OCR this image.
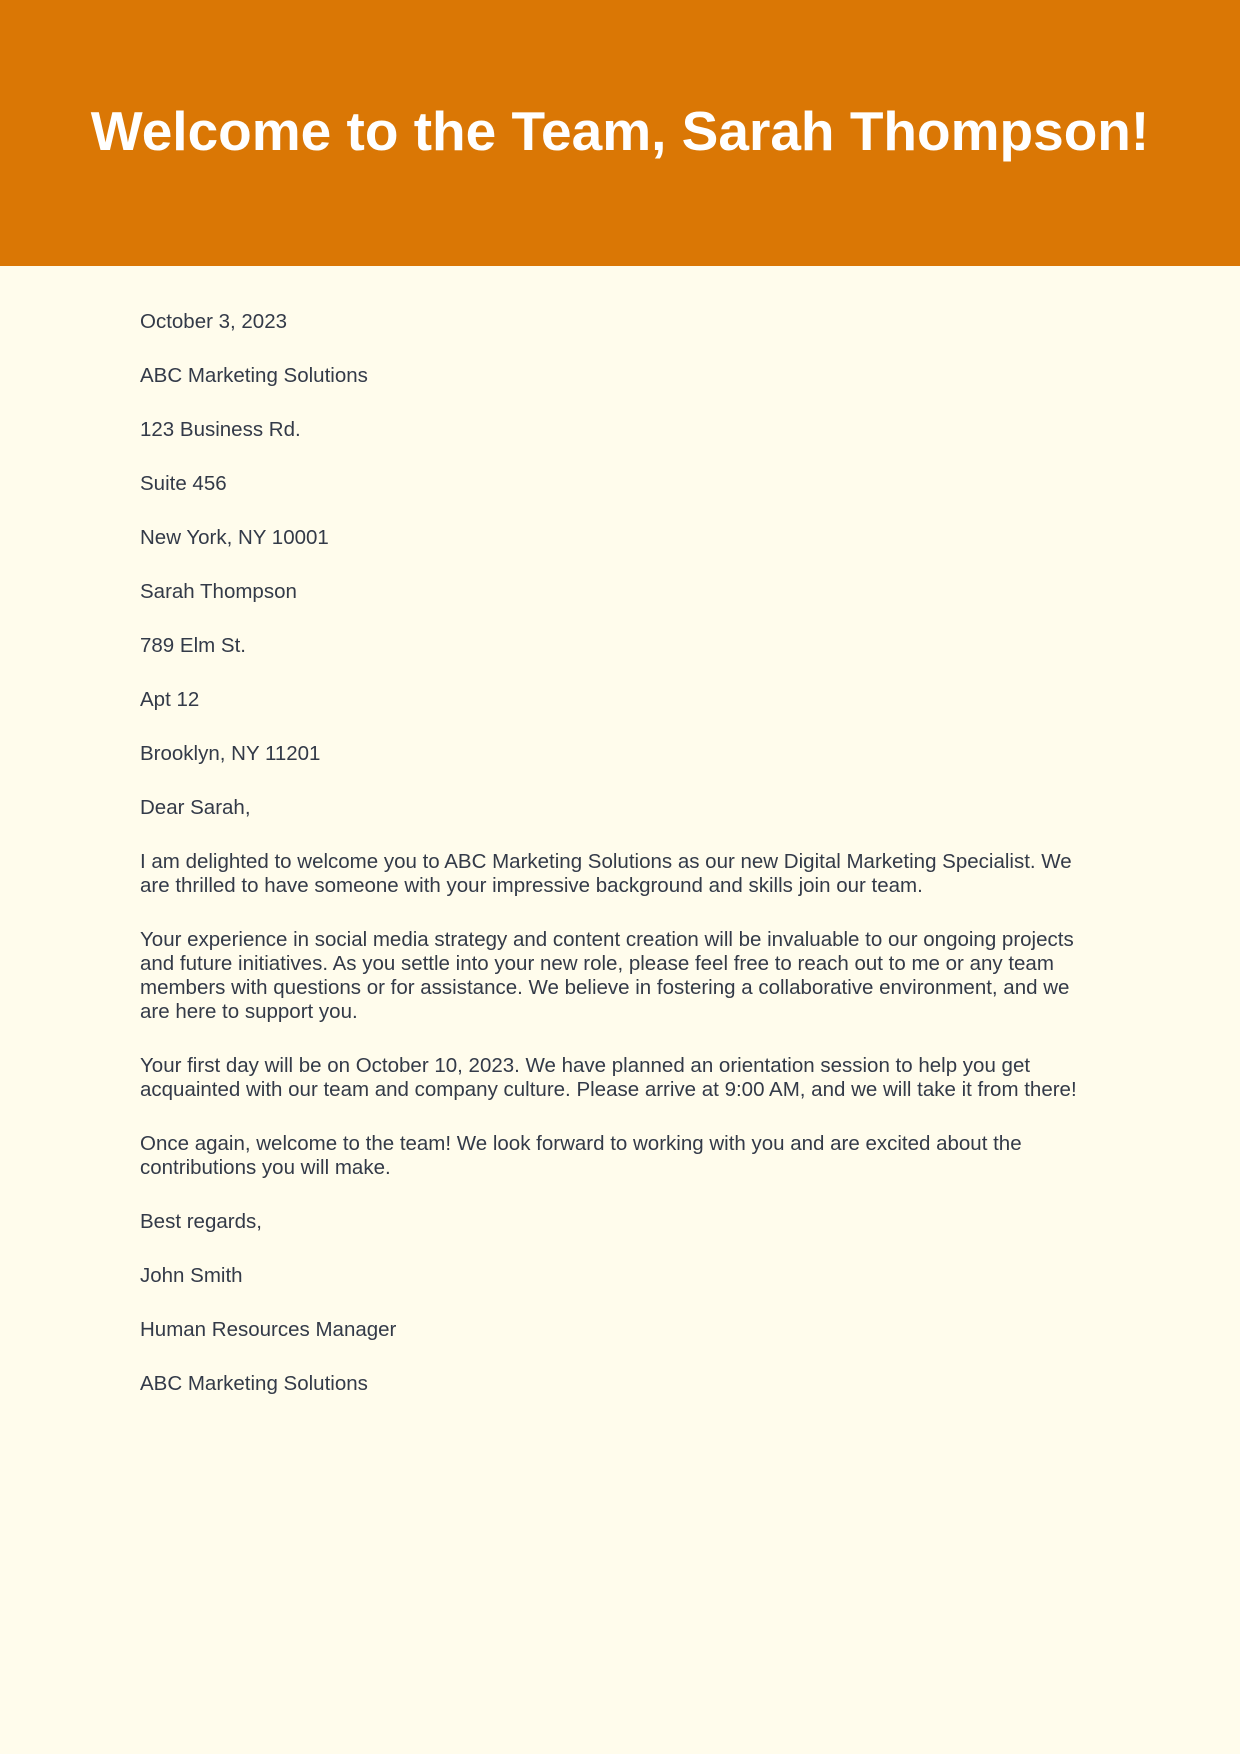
Welcome to the Team, Sarah Thompson!
October 3, 2023
ABC Marketing Solutions
123 Business Rd.
Suite 456
New York, NY 10001
Sarah Thompson
789 Elm St.
Apt 12
Brooklyn, NY 11201
Dear Sarah,

I am delighted to welcome you to ABC Marketing Solutions as our new Digital Marketing Specialist. We are thrilled to have someone with your impressive background and skills join our team.

Your experience in social media strategy and content creation will be invaluable to our ongoing projects and future initiatives. As you settle into your new role, please feel free to reach out to me or any team members with questions or for assistance. We believe in fostering a collaborative environment, and we are here to support you.

Your first day will be on October 10, 2023. We have planned an orientation session to help you get acquainted with our team and company culture. Please arrive at 9:00 AM, and we will take it from there!

Once again, welcome to the team! We look forward to working with you and are excited about the contributions you will make.

Best regards,
John Smith
Human Resources Manager
ABC Marketing Solutions
